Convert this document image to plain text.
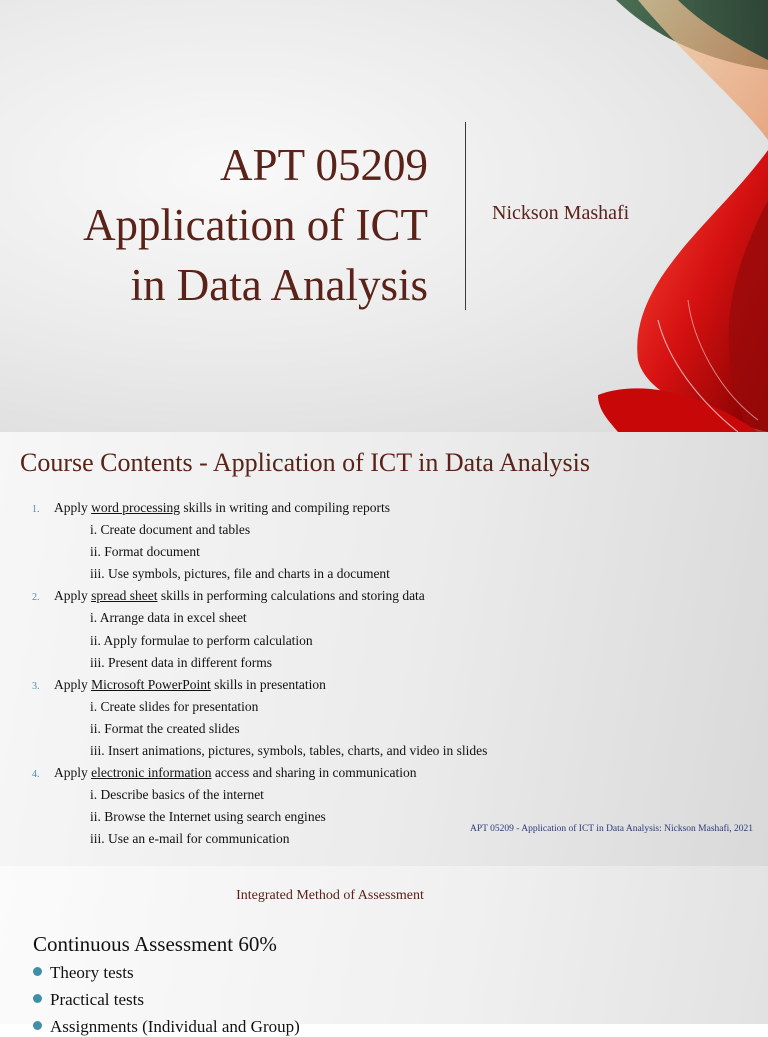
APT 05209
Application of ICT
in Data Analysis
Nickson Mashafi
Course Contents - Application of ICT in Data Analysis
1. Apply word processing skills in writing and compiling reports
i. Create document and tables
ii. Format document
iii. Use symbols, pictures, file and charts in a document
2. Apply spread sheet skills in performing calculations and storing data
i. Arrange data in excel sheet
ii. Apply formulae to perform calculation
iii. Present data in different forms
3. Apply Microsoft PowerPoint skills in presentation
i. Create slides for presentation
ii. Format the created slides
iii. Insert animations, pictures, symbols, tables, charts, and video in slides
4. Apply electronic information access and sharing in communication
i. Describe basics of the internet
ii. Browse the Internet using search engines
iii. Use an e-mail for communication
APT 05209 - Application of ICT in Data Analysis: Nickson Mashafi, 2021
Integrated Method of Assessment
Continuous Assessment 60%
Theory tests
Practical tests
Assignments (Individual and Group)
